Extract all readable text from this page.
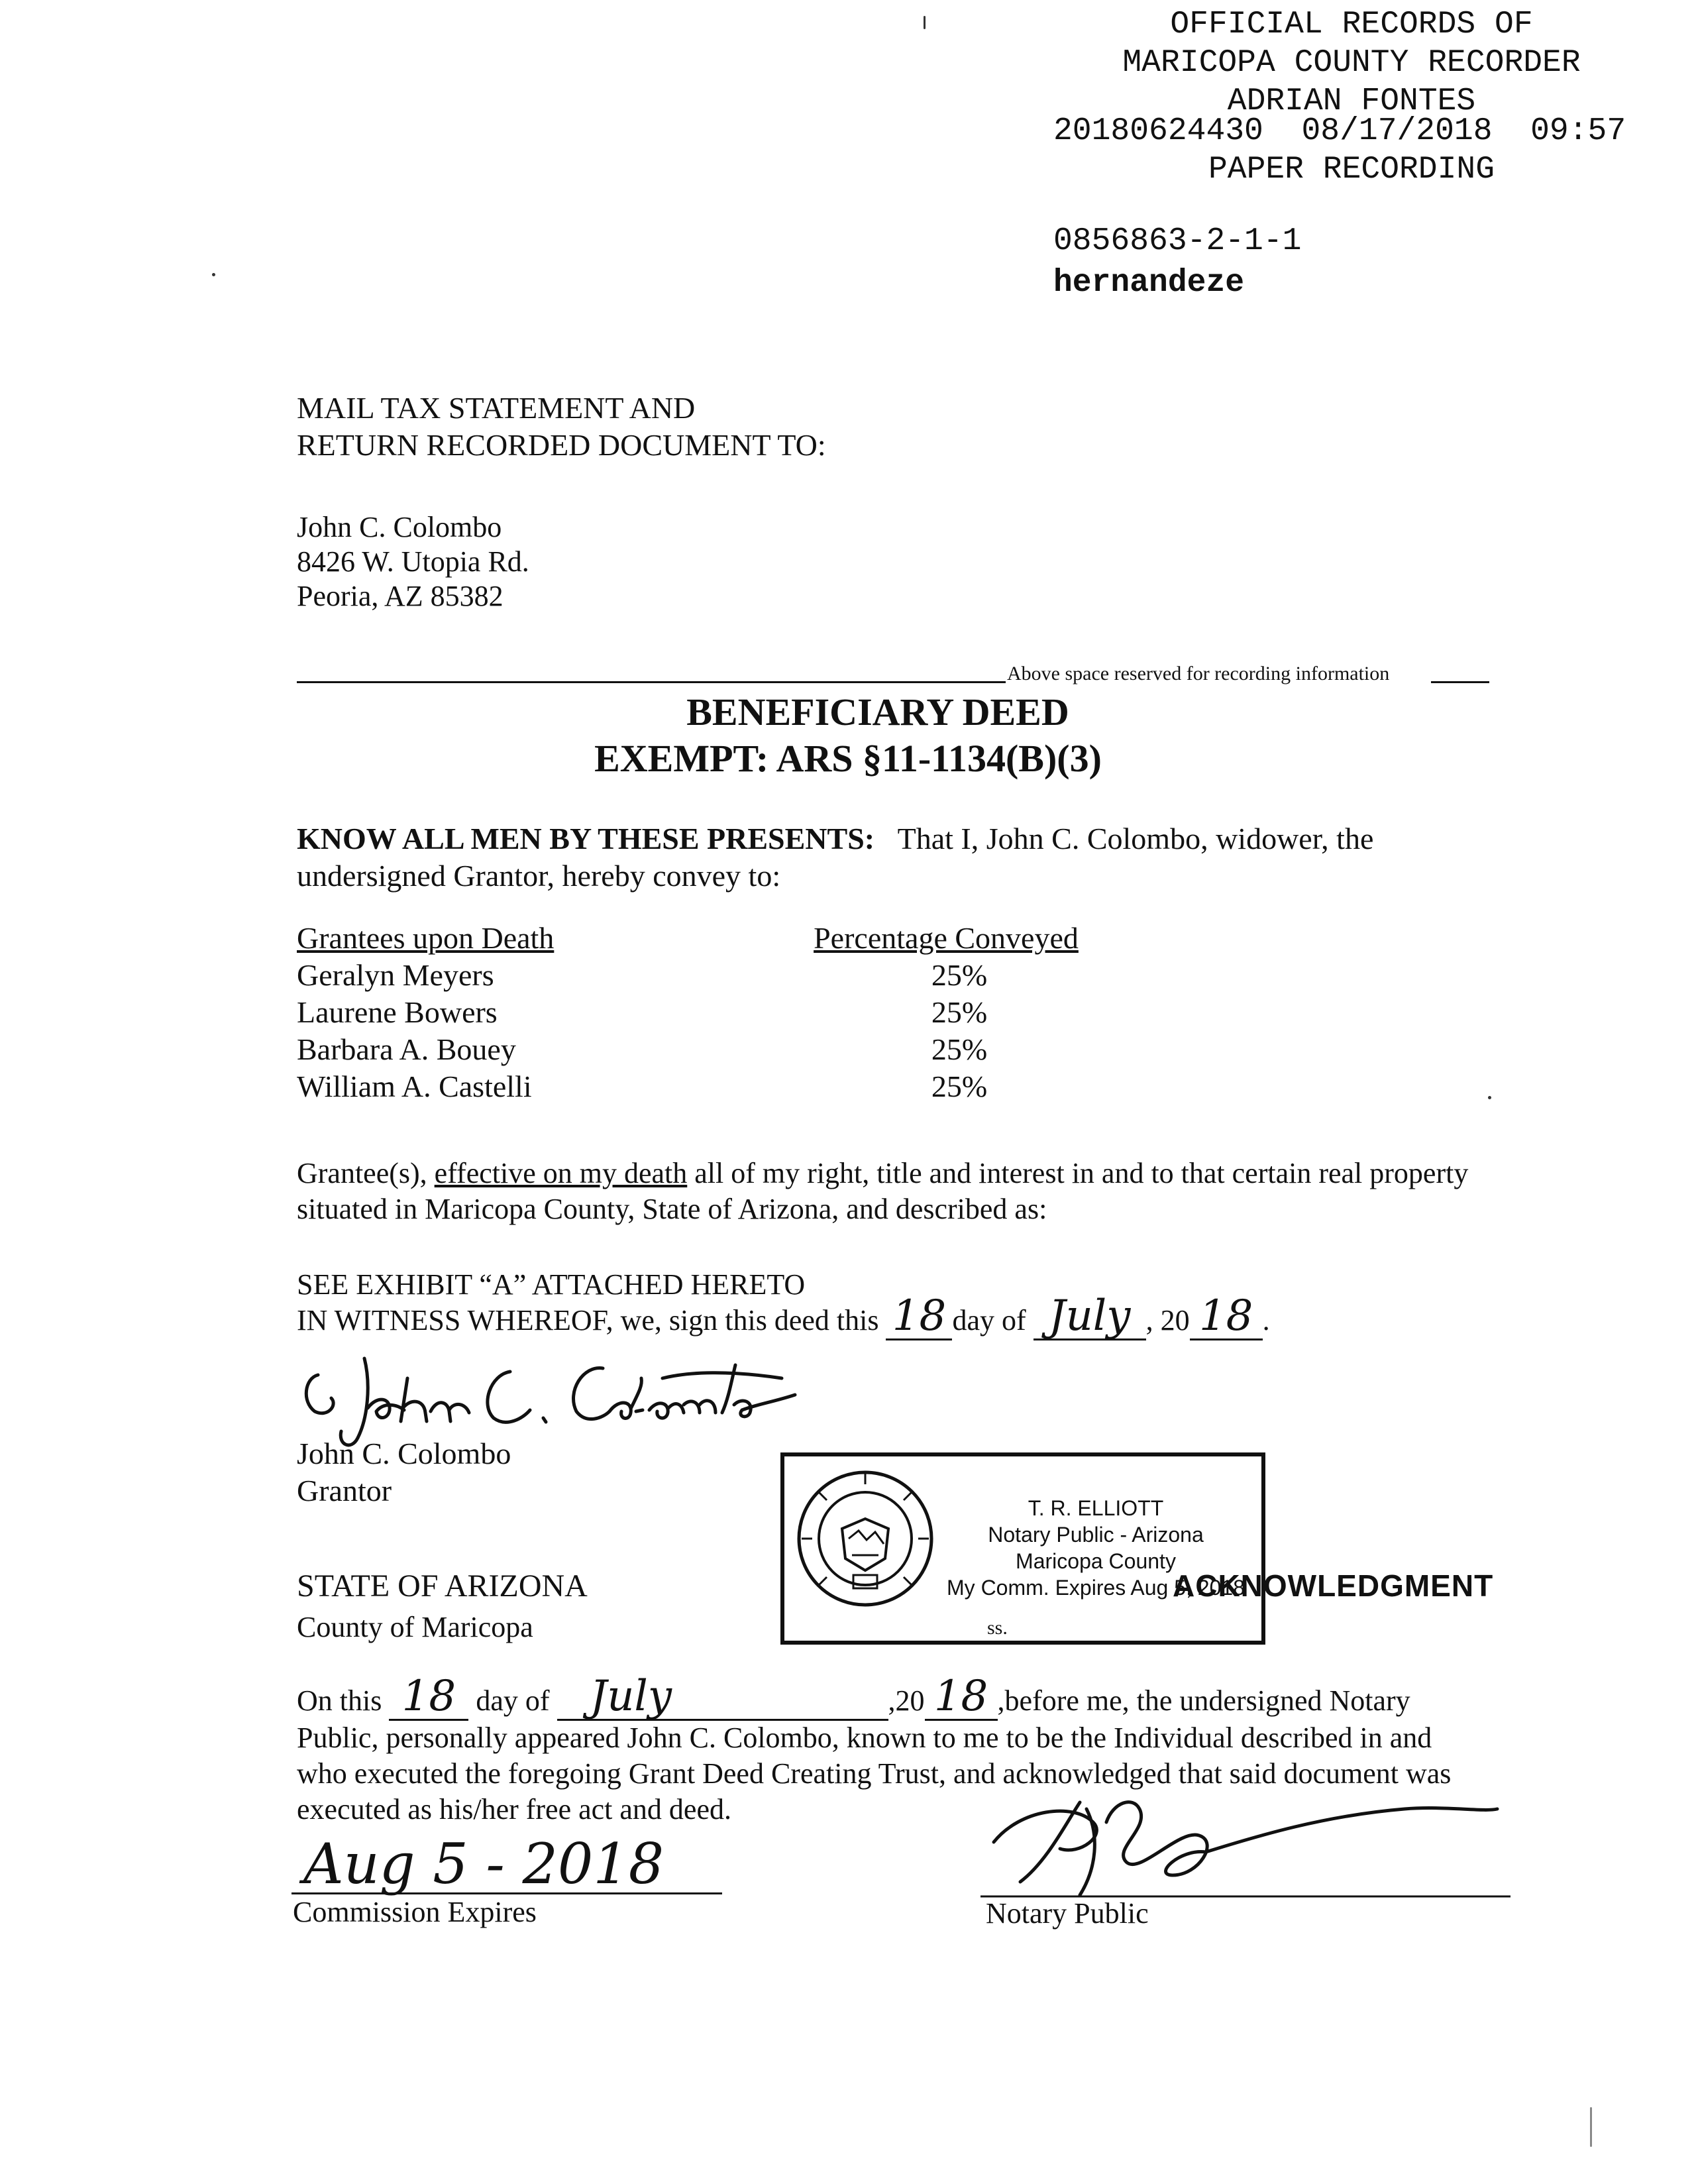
OFFICIAL RECORDS OF
MARICOPA COUNTY RECORDER
ADRIAN FONTES
20180624430 08/17/2018 09:57
PAPER RECORDING
0856863-2-1-1
hernandeze
MAIL TAX STATEMENT AND
RETURN RECORDED DOCUMENT TO:
John C. Colombo
8426 W. Utopia Rd.
Peoria, AZ 85382
Above space reserved for recording information
BENEFICIARY DEED
EXEMPT: ARS §11-1134(B)(3)
KNOW ALL MEN BY THESE PRESENTS: That I, John C. Colombo, widower, the undersigned Grantor, hereby convey to:
Grantees upon Death	Percentage Conveyed
Geralyn Meyers	25%
Laurene Bowers	25%
Barbara A. Bouey	25%
William A. Castelli	25%
Grantee(s), effective on my death all of my right, title and interest in and to that certain real property situated in Maricopa County, State of Arizona, and described as:
SEE EXHIBIT “A” ATTACHED HERETO
IN WITNESS WHEREOF, we, sign this deed this 18 day of July , 20 18 .
John C. Colombo
Grantor
STATE OF ARIZONA
County of Maricopa
T. R. ELLIOTT
Notary Public - Arizona
Maricopa County
My Comm. Expires Aug 5, 2018
ACKNOWLEDGMENT
ss.
On this 18 day of July	,20 18 ,before me, the undersigned Notary
Public, personally appeared John C. Colombo, known to me to be the Individual described in and who executed the foregoing Grant Deed Creating Trust, and acknowledged that said document was executed as his/her free act and deed.
Aug 5 - 2018
Commission Expires	Notary Public
